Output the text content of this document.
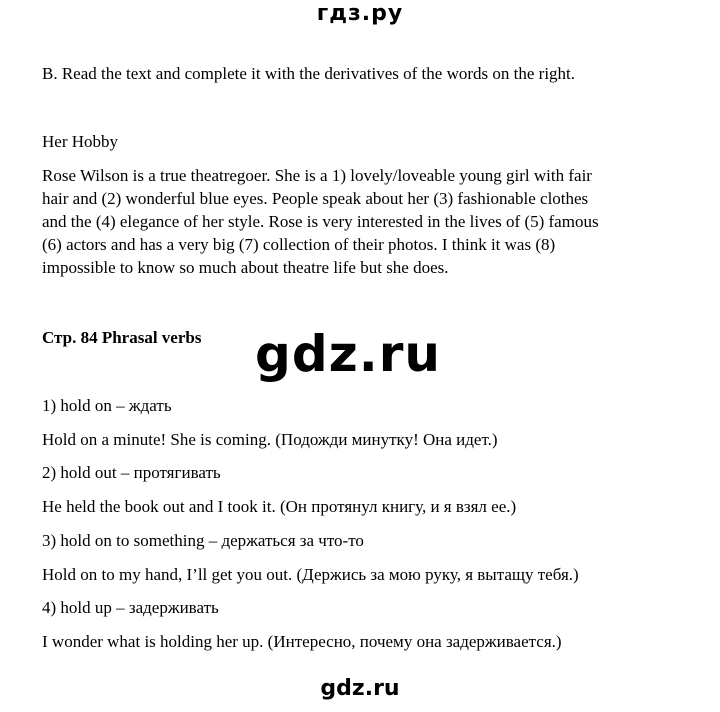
гдз.ру
B. Read the text and complete it with the derivatives of the words on the right.
Her Hobby
Rose Wilson is a true theatregoer. She is a 1) lovely/loveable young girl with fair
hair and (2) wonderful blue eyes. People speak about her (3) fashionable clothes
and the (4) elegance of her style. Rose is very interested in the lives of (5) famous
(6) actors and has a very big (7) collection of their photos. I think it was (8)
impossible to know so much about theatre life but she does.
Стр. 84 Phrasal verbs	gdz.ru
1) hold on – ждать
Hold on a minute! She is coming. (Подожди минутку! Она идет.)
2) hold out – протягивать
He held the book out and I took it. (Он протянул книгу, и я взял ее.)
3) hold on to something – держаться за что-то
Hold on to my hand, I’ll get you out. (Держись за мою руку, я вытащу тебя.)
4) hold up – задерживать
I wonder what is holding her up. (Интересно, почему она задерживается.)
gdz.ru
